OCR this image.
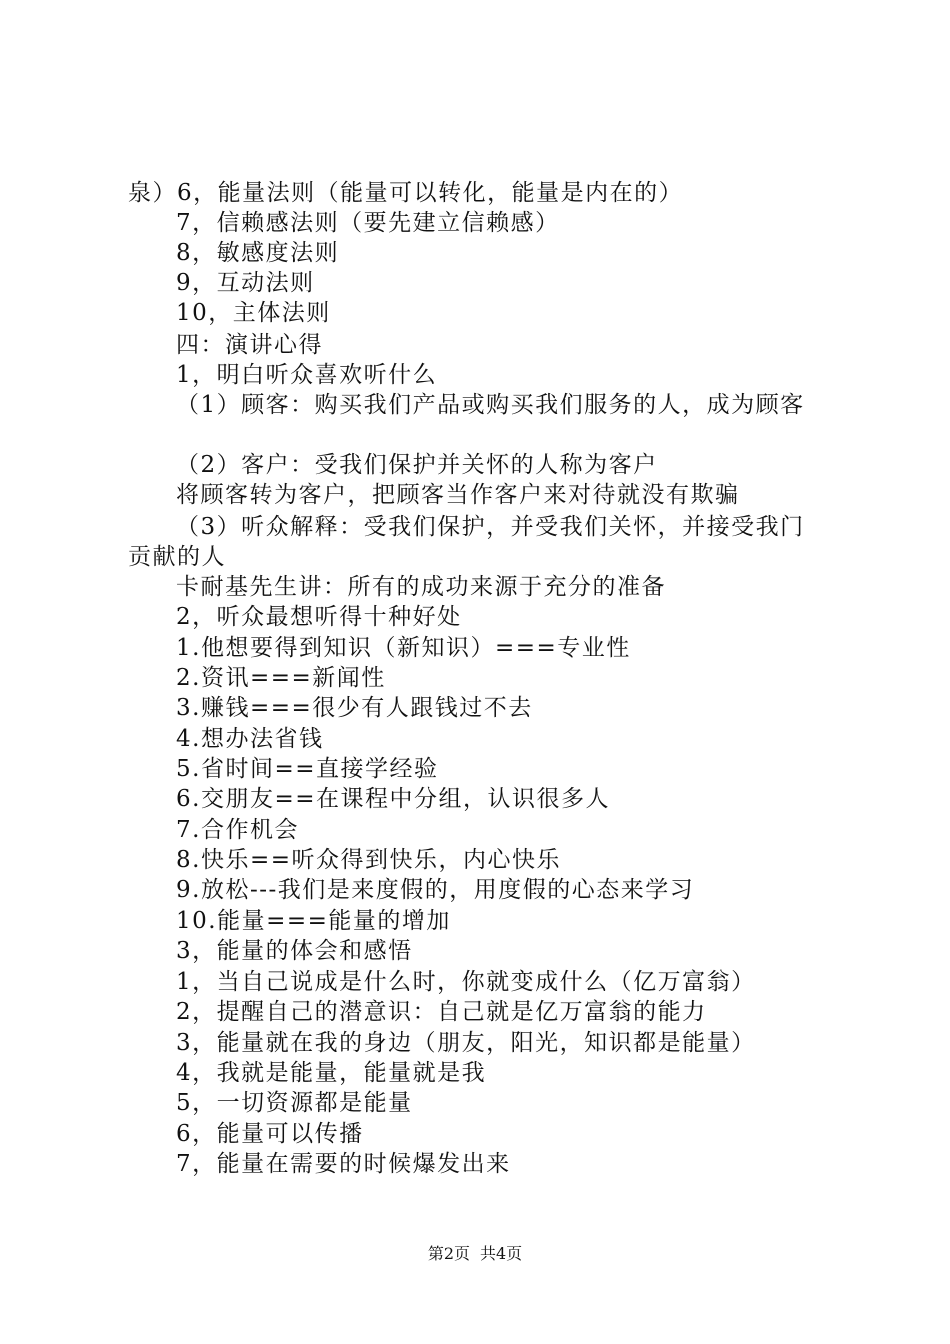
泉）6，能量法则（能量可以转化，能量是内在的）
7，信赖感法则（要先建立信赖感）
8，敏感度法则
9，互动法则
10，主体法则
四：演讲心得
1，明白听众喜欢听什么
（1）顾客：购买我们产品或购买我们服务的人，成为顾客
（2）客户：受我们保护并关怀的人称为客户
将顾客转为客户，把顾客当作客户来对待就没有欺骗
（3）听众解释：受我们保护，并受我们关怀，并接受我门
贡献的人
卡耐基先生讲：所有的成功来源于充分的准备
2，听众最想听得十种好处
1.他想要得到知识（新知识）===专业性
2.资讯===新闻性
3.赚钱===很少有人跟钱过不去
4.想办法省钱
5.省时间==直接学经验
6.交朋友==在课程中分组，认识很多人
7.合作机会
8.快乐==听众得到快乐，内心快乐
9.放松---我们是来度假的，用度假的心态来学习
10.能量===能量的增加
3，能量的体会和感悟
1，当自己说成是什么时，你就变成什么（亿万富翁）
2，提醒自己的潜意识：自己就是亿万富翁的能力
3，能量就在我的身边（朋友，阳光，知识都是能量）
4，我就是能量，能量就是我
5，一切资源都是能量
6，能量可以传播
7，能量在需要的时候爆发出来
第2页 共4页
